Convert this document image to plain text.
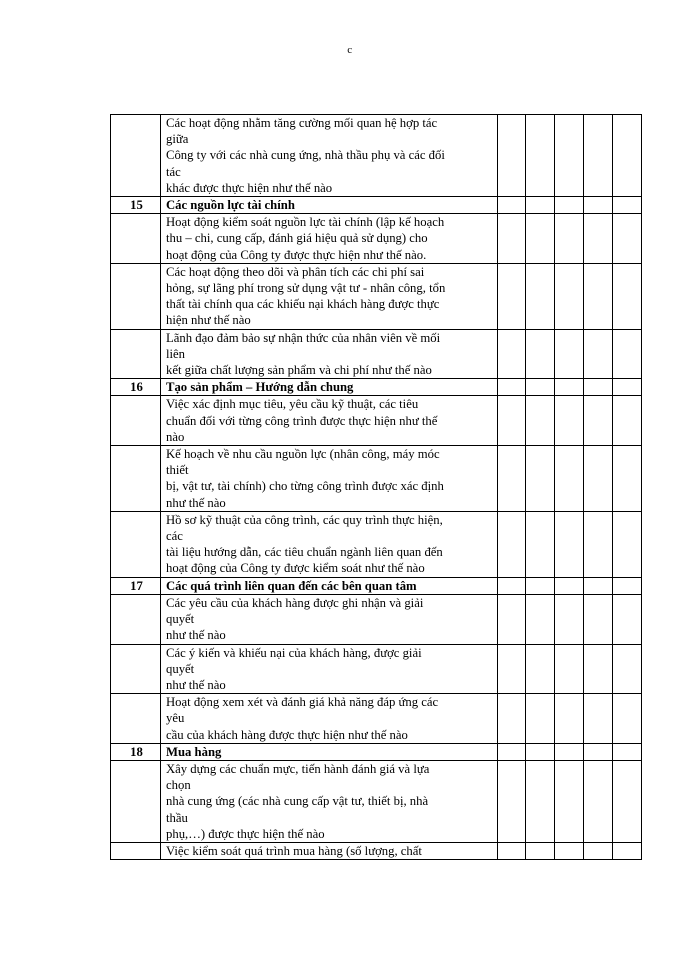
c

	Các hoạt động nhằm tăng cường mối quan hệ hợp tác
giữa
Công ty với các nhà cung ứng, nhà thầu phụ và các đối
tác
khác được thực hiện như thế nào					

15	Các nguồn lực tài chính					

	Hoạt động kiểm soát nguồn lực tài chính (lập kế hoạch
thu – chi, cung cấp, đánh giá hiệu quả sử dụng) cho
hoạt động của Công ty được thực hiện như thế nào.					

	Các hoạt động theo dõi và phân tích các chi phí sai
hỏng, sự lãng phí trong sử dụng vật tư - nhân công, tổn
thất tài chính qua các khiếu nại khách hàng được thực
hiện như thế nào					

	Lãnh đạo đảm bảo sự nhận thức của nhân viên về mối
liên
kết giữa chất lượng sản phẩm và chi phí như thế nào					

16	Tạo sản phẩm – Hướng dẫn chung					

	Việc xác định mục tiêu, yêu cầu kỹ thuật, các tiêu
chuẩn đối với từng công trình được thực hiện như thế
nào					

	Kế hoạch về nhu cầu nguồn lực (nhân công, máy móc
thiết
bị, vật tư, tài chính) cho từng công trình được xác định
như thế nào					

	Hồ sơ kỹ thuật của công trình, các quy trình thực hiện,
các
tài liệu hướng dẫn, các tiêu chuẩn ngành liên quan đến
hoạt động của Công ty được kiểm soát như thế nào					

17	Các quá trình liên quan đến các bên quan tâm					

	Các yêu cầu của khách hàng được ghi nhận và giải
quyết
như thế nào					

	Các ý kiến và khiếu nại của khách hàng, được giải
quyết
như thế nào					

	Hoạt động xem xét và đánh giá khả năng đáp ứng các
yêu
cầu của khách hàng được thực hiện như thế nào					

18	Mua hàng					

	Xây dựng các chuẩn mực, tiến hành đánh giá và lựa
chọn
nhà cung ứng (các nhà cung cấp vật tư, thiết bị, nhà
thầu
phụ,…) được thực hiện thế nào					

	Việc kiểm soát quá trình mua hàng (số lượng, chất					
